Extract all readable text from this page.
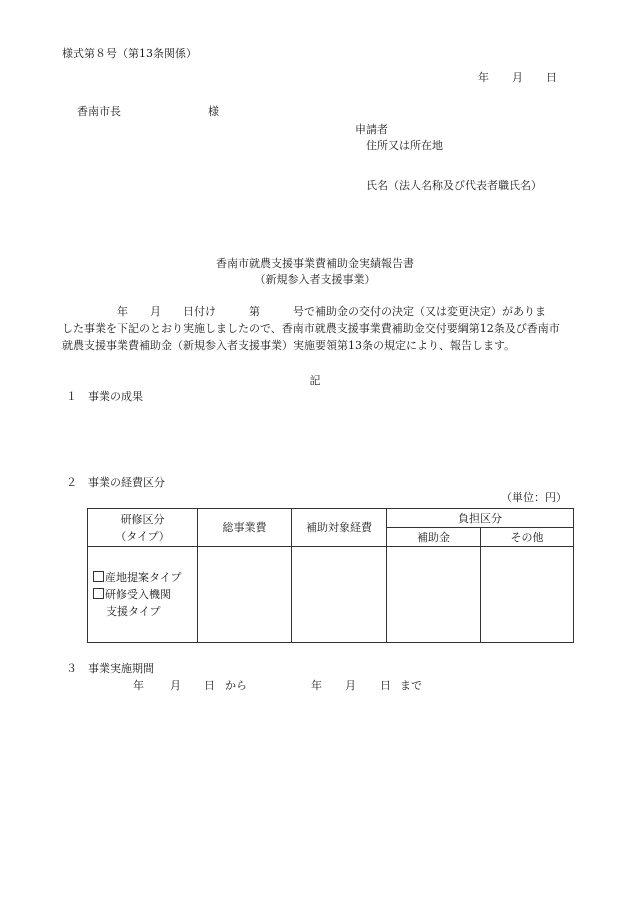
様式第８号（第13条関係）
年 月 日
香南市長	様
申請者
住所又は所在地
氏名（法人名称及び代表者職氏名）
香南市就農支援事業費補助金実績報告書
（新規参入者支援事業）
　　　　　年　　月　　日付け　　　第　　　号で補助金の交付の決定（又は変更決定）がありま
した事業を下記のとおり実施しましたので、香南市就農支援事業費補助金交付要綱第12条及び香南市
就農支援事業費補助金（新規参入者支援事業）実施要領第13条の規定により、報告します。
記
１ 事業の成果
２ 事業の経費区分
（単位：円）
研修区分
（タイプ）	総事業費	補助対象経費	負担区分	
			補助金	その他

産地提案タイプ
研修受入機関
支援タイプ				

３ 事業実施期間
年 月 日 から	年 月 日 まで
